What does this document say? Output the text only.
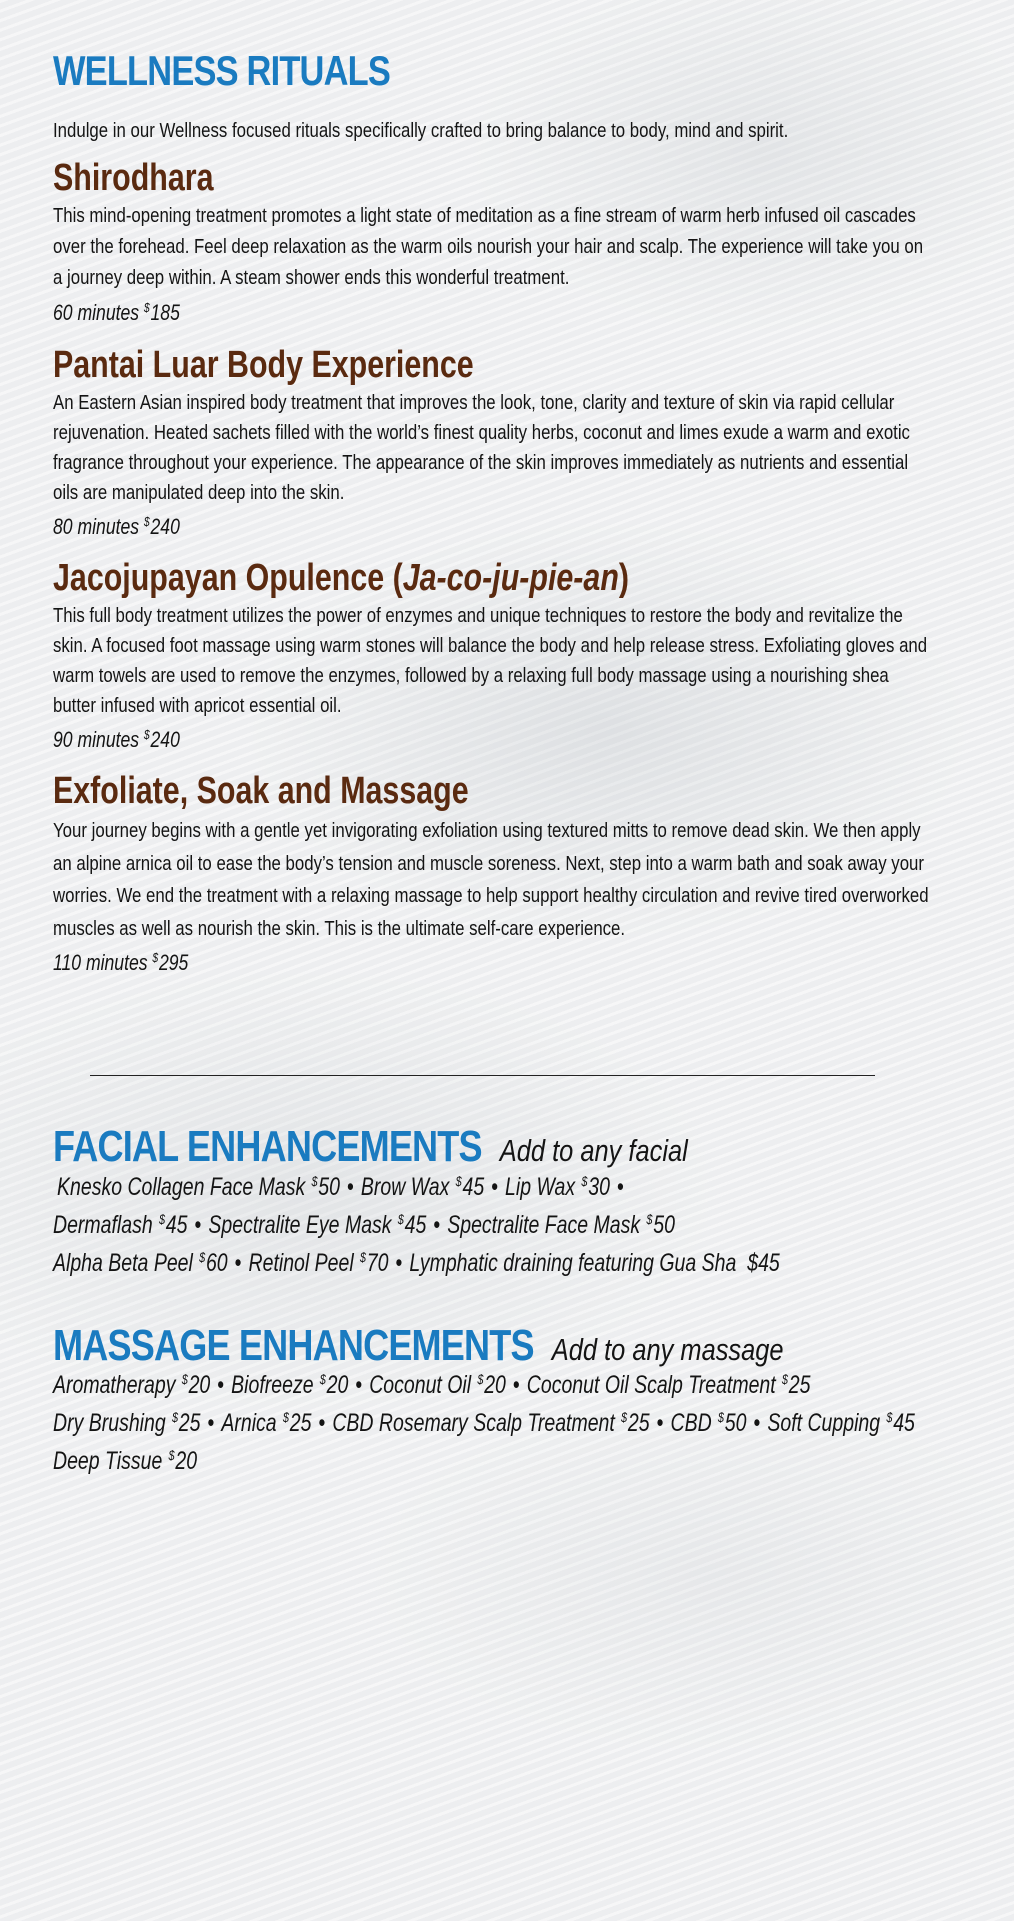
WELLNESS RITUALS

Indulge in our Wellness focused rituals specifically crafted to bring balance to body, mind and spirit.

Shirodhara

This mind-opening treatment promotes a light state of meditation as a fine stream of warm herb infused oil cascades over the forehead. Feel deep relaxation as the warm oils nourish your hair and scalp. The experience will take you on a journey deep within. A steam shower ends this wonderful treatment.

60 minutes $185

Pantai Luar Body Experience

An Eastern Asian inspired body treatment that improves the look, tone, clarity and texture of skin via rapid cellular rejuvenation. Heated sachets filled with the world’s finest quality herbs, coconut and limes exude a warm and exotic fragrance throughout your experience. The appearance of the skin improves immediately as nutrients and essential oils are manipulated deep into the skin.

80 minutes $240

Jacojupayan Opulence (Ja-co-ju-pie-an)

This full body treatment utilizes the power of enzymes and unique techniques to restore the body and revitalize the skin. A focused foot massage using warm stones will balance the body and help release stress. Exfoliating gloves and warm towels are used to remove the enzymes, followed by a relaxing full body massage using a nourishing shea butter infused with apricot essential oil.

90 minutes $240

Exfoliate, Soak and Massage

Your journey begins with a gentle yet invigorating exfoliation using textured mitts to remove dead skin. We then apply an alpine arnica oil to ease the body’s tension and muscle soreness. Next, step into a warm bath and soak away your worries. We end the treatment with a relaxing massage to help support healthy circulation and revive tired overworked muscles as well as nourish the skin. This is the ultimate self-care experience.

110 minutes $295

FACIAL ENHANCEMENTS Add to any facial

Knesko Collagen Face Mask $50 • Brow Wax $45 • Lip Wax $30 •

Dermaflash $45 • Spectralite Eye Mask $45 • Spectralite Face Mask $50

Alpha Beta Peel $60 • Retinol Peel $70 • Lymphatic draining featuring Gua Sha $45

MASSAGE ENHANCEMENTS Add to any massage

Aromatherapy $20 • Biofreeze $20 • Coconut Oil $20 • Coconut Oil Scalp Treatment $25

Dry Brushing $25 • Arnica $25 • CBD Rosemary Scalp Treatment $25 • CBD $50 • Soft Cupping $45

Deep Tissue $20
